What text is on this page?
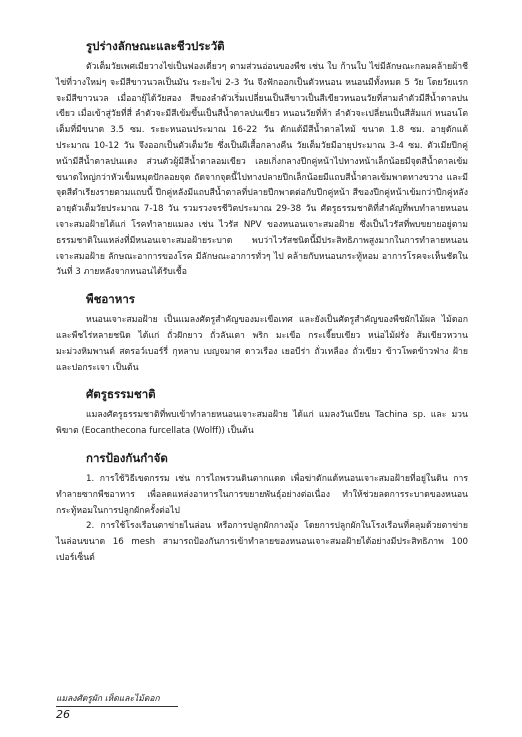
รูปร่างลักษณะและชีวประวัติ

ตัวเต็มวัยเพศเมียวางไข่เป็นฟองเดี่ยวๆ ตามส่วนอ่อนของพืช เช่น ใบ ก้านใบ ไข่มีลักษณะกลมคล้ายผ้าชีไข่ที่วางใหม่ๆ จะมีสีขาวนวลเป็นมัน ระยะไข่ 2-3 วัน จึงฟักออกเป็นตัวหนอน หนอนมีทั้งหมด 5 วัย โดยวัยแรกจะมีสีขาวนวล เมื่ออายุ้ได้วัยสอง สีของลำตัวเริ่มเปลี่ยนเป็นสีขาวเป็นสีเขียวหนอนวัยที่สามลำตัวมีสีน้ำตาลปนเขียว เมื่อเข้าสู่วัยที่สี่ ลำตัวจะมีสีเข้มขึ้นเป็นสีน้ำตาลปนเขียว หนอนวัยที่ห้า ลำตัวจะเปลี่ยนเป็นสีส้มแก่ หนอนโตเต็มที่มีขนาด 3.5 ซม. ระยะหนอนประมาณ 16-22 วัน ดักแด้มีสีน้ำตาลไหม้ ขนาด 1.8 ซม. อายุดักแด้ประมาณ 10-12 วัน จึงออกเป็นตัวเต็มวัย ซึ่งเป็นผีเสื้อกลางคืน วัยเต็มวัยมีอายุประมาณ 3-4 ซม. ตัวเมียปีกคู่หน้ามีสีน้ำตาลปนแดง ส่วนตัวผู้มีสีน้ำตาลอมเขียว เลยเกิ่งกลางปีกคู่หน้าไปทางหน้าเล็กน้อยมีจุดสีน้ำตาลเข้มขนาดใหญ่กว่าหัวเข็มหมุดปักลอยจุด ถัดจากจุดนี้ไปทางปลายปีกเล็กน้อยมีแถบสีน้ำตาลเข้มพาดทางขวาง และมีจุดสีดำเรียงรายตามแถบนี้ ปีกคู่หลังมีแถบสีน้ำตาลที่ปลายปีกพาดต่อกับปีกคู่หน้า สีของปีกคู่หน้าเข้มกว่าปีกคู่หลัง อายุตัวเต็มวัยประมาณ 7-18 วัน รวมรวงจรชีวิตประมาณ 29-38 วัน ศัตรูธรรมชาติที่สำคัญที่พบทำลายหนอนเจาะสมอฝ้ายได้แก่ โรคทำลายแมลง เช่น ไวรัส NPV ของหนอนเจาะสมอฝ้าย ซึ่งเป็นไวรัสที่พบขยายอยู่ตามธรรมชาติในแหล่งที่มีหนอนเจาะสมอฝ้ายระบาด พบว่าไวรัสชนิดนี้มีประสิทธิภาพสูงมากในการทำลายหนอนเจาะสมอฝ้าย ลักษณะอาการของโรค มีลักษณะอาการทั่วๆ ไป คล้ายกับหนอนกระทู้หอม อาการโรคจะเห็นชัดในวันที่ 3 ภายหลังจากหนอนได้รับเชื้อ

พืชอาหาร

หนอนเจาะสมอฝ้าย เป็นแมลงศัตรูสำคัญของมะเขือเทศ และยังเป็นศัตรูสำคัญของพืชผักไม้ผล ไม้ดอกและพืชไร่หลายชนิด ได้แก่ ถั่วฝักยาว ถั่วลันเตา พริก มะเขือ กระเจี๊ยบเขียว หน่อไม้ฝรั่ง ส้มเขียวหวาน มะม่วงหิมพานต์ สตรอว์เบอร์รี่ กุหลาบ เบญจมาศ ดาวเรือง เยอบีร่า ถั่วเหลือง ถั่วเขียว ข้าวโพดข้าวฟ่าง ฝ้าย และปอกระเจา เป็นต้น

ศัตรูธรรมชาติ

แมลงศัตรูธรรมชาติที่พบเข้าทำลายหนอนเจาะสมอฝ้าย ได้แก่ แมลงวันเบียน Tachina sp. และ มวนพิฆาต (Eocanthecona furcellata (Wolff)) เป็นต้น

การป้องกันกำจัด

1. การใช้วิธีเขตกรรม เช่น การไถพรวนดินตากแดด เพื่อฆ่าดักแด้หนอนเจาะสมอฝ้ายที่อยู่ในดิน การทำลายซากพืชอาหาร เพื่อลดแหล่งอาหารในการขยายพันธุ์อย่างต่อเนื่อง ทำให้ช่วยลดการระบาดของหนอนกระทู้หอมในการปลูกผักครั้งต่อไป

2. การใช้โรงเรือนตาข่ายไนล่อน หรือการปลูกผักกางมุ้ง โดยการปลูกผักในโรงเรือนที่คลุมด้วยตาข่ายไนล่อนขนาด 16 mesh สามารถป้องกันการเข้าทำลายของหนอนเจาะสมอฝ้ายได้อย่างมีประสิทธิภาพ 100 เปอร์เซ็นต์

แมลงศัตรูผัก เห็ดและไม้ดอก
26
